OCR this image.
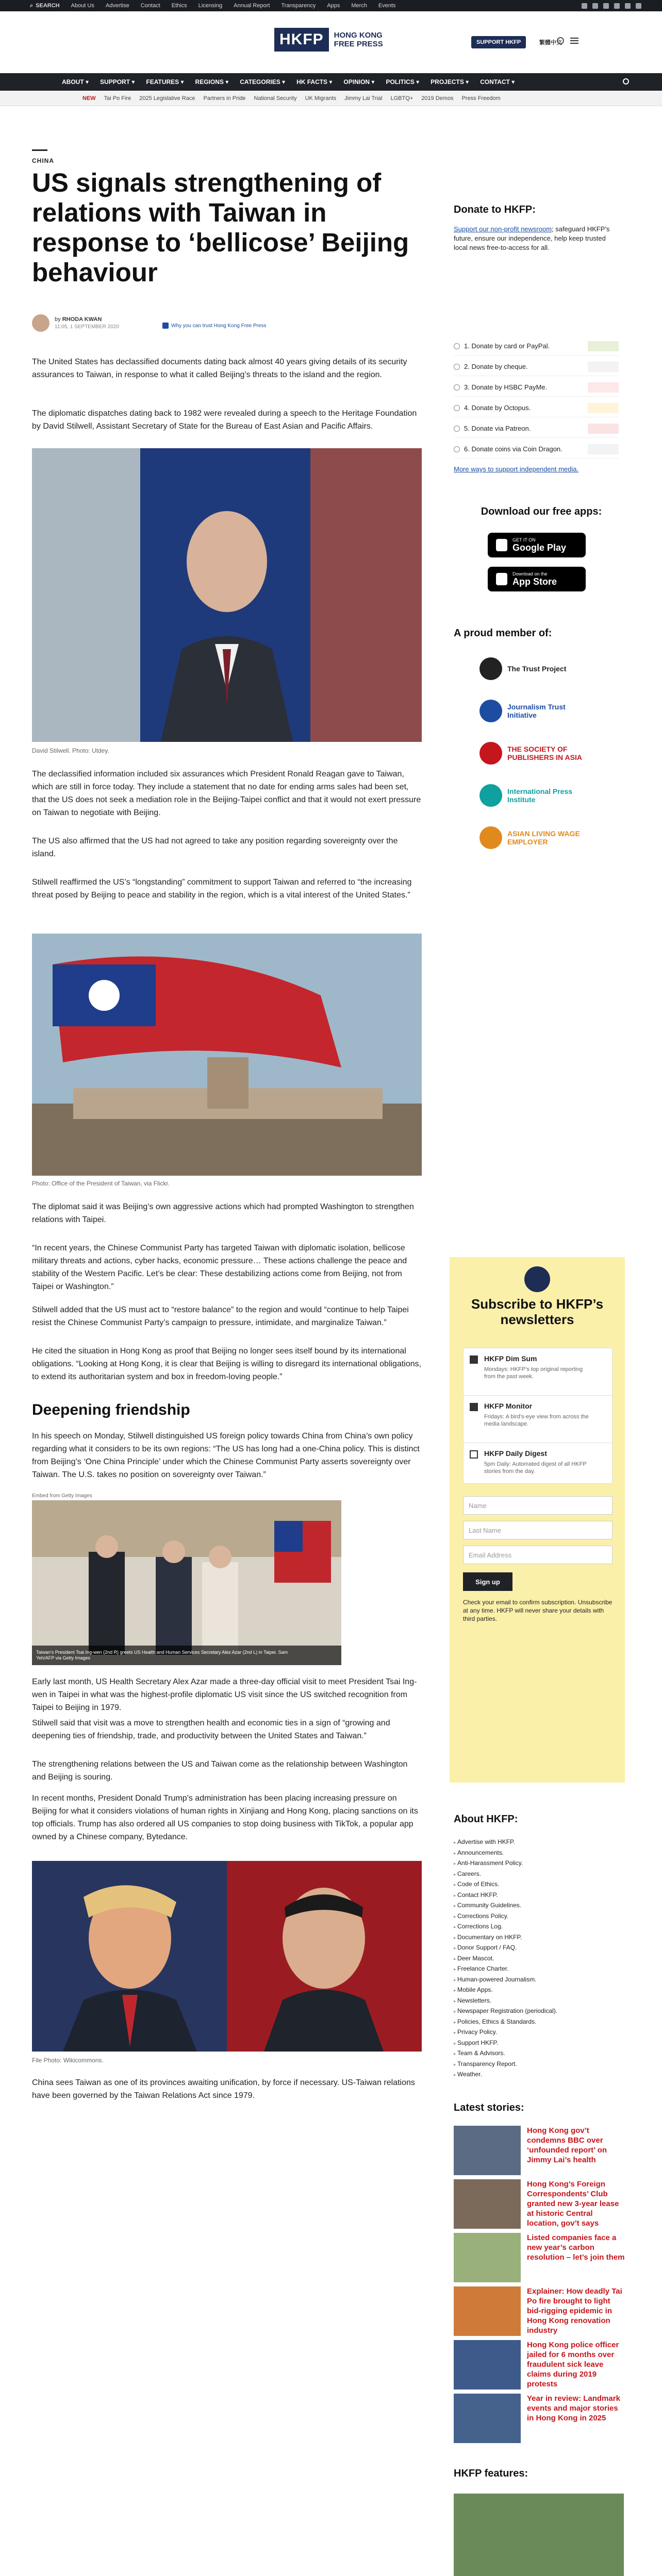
⌕ SEARCH About Us Advertise Contact Ethics Licensing Annual Report Transparency Apps Merch Events
HKFP	HONG KONG
FREE PRESS	SUPPORT HKFP	繁體中文
ABOUT ▾ SUPPORT ▾ FEATURES ▾ REGIONS ▾ CATEGORIES ▾ HK FACTS ▾ OPINION ▾ POLITICS ▾ PROJECTS ▾ CONTACT ▾
NEW Tai Po Fire 2025 Legislative Race Partners in Pride National Security UK Migrants Jimmy Lai Trial LGBTQ+ 2019 Demos Press Freedom
CHINA
US signals strengthening of relations with Taiwan in response to ‘bellicose’ Beijing behaviour
by RHODA KWAN
11:05, 1 SEPTEMBER 2020	Why you can trust Hong Kong Free Press
The United States has declassified documents dating back almost 40 years giving details of its security assurances to Taiwan, in response to what it called Beijing’s threats to the island and the region.
The diplomatic dispatches dating back to 1982 were revealed during a speech to the Heritage Foundation by David Stilwell, Assistant Secretary of State for the Bureau of East Asian and Pacific Affairs.
David Stilwell. Photo: Utdey.
The declassified information included six assurances which President Ronald Reagan gave to Taiwan, which are still in force today. They include a statement that no date for ending arms sales had been set, that the US does not seek a mediation role in the Beijing-Taipei conflict and that it would not exert pressure on Taiwan to negotiate with Beijing.
The US also affirmed that the US had not agreed to take any position regarding sovereignty over the island.
Stilwell reaffirmed the US’s “longstanding” commitment to support Taiwan and referred to “the increasing threat posed by Beijing to peace and stability in the region, which is a vital interest of the United States.”
Photo: Office of the President of Taiwan, via Flickr.
The diplomat said it was Beijing’s own aggressive actions which had prompted Washington to strengthen relations with Taipei.
“In recent years, the Chinese Communist Party has targeted Taiwan with diplomatic isolation, bellicose military threats and actions, cyber hacks, economic pressure… These actions challenge the peace and stability of the Western Pacific. Let’s be clear: These destabilizing actions come from Beijing, not from Taipei or Washington.”
Stilwell added that the US must act to “restore balance” to the region and would “continue to help Taipei resist the Chinese Communist Party’s campaign to pressure, intimidate, and marginalize Taiwan.”
He cited the situation in Hong Kong as proof that Beijing no longer sees itself bound by its international obligations. “Looking at Hong Kong, it is clear that Beijing is willing to disregard its international obligations, to extend its authoritarian system and box in freedom-loving people.”
Deepening friendship
In his speech on Monday, Stilwell distinguished US foreign policy towards China from China’s own policy regarding what it considers to be its own regions: “The US has long had a one-China policy. This is distinct from Beijing’s ‘One China Principle’ under which the Chinese Communist Party asserts sovereignty over Taiwan. The U.S. takes no position on sovereignty over Taiwan.”
Embed from Getty Images
Taiwan's President Tsai Ing-wen (2nd R) greets US Health and Human Services Secretary Alex Azar (2nd L) in Taipei. Sam Yeh/AFP via Getty Images
Early last month, US Health Secretary Alex Azar made a three-day official visit to meet President Tsai Ing-wen in Taipei in what was the highest-profile diplomatic US visit since the US switched recognition from Taipei to Beijing in 1979.
Stilwell said that visit was a move to strengthen health and economic ties in a sign of “growing and deepening ties of friendship, trade, and productivity between the United States and Taiwan.”
The strengthening relations between the US and Taiwan come as the relationship between Washington and Beijing is souring.
In recent months, President Donald Trump’s administration has been placing increasing pressure on Beijing for what it considers violations of human rights in Xinjiang and Hong Kong, placing sanctions on its top officials. Trump has also ordered all US companies to stop doing business with TikTok, a popular app owned by a Chinese company, Bytedance.
File Photo: Wikicommons.
China sees Taiwan as one of its provinces awaiting unification, by force if necessary. US-Taiwan relations have been governed by the Taiwan Relations Act since 1979.
Donate to HKFP:
Support our non-profit newsroom; safeguard HKFP’s future, ensure our independence, help keep trusted local news free-to-access for all.
1. Donate by card or PayPal.
2. Donate by cheque.
3. Donate by HSBC PayMe.
4. Donate by Octopus.
5. Donate via Patreon.
6. Donate coins via Coin Dragon.
More ways to support independent media.
Download our free apps:
GET IT ON
Google Play
Download on the
App Store
A proud member of:
The Trust Project
Journalism Trust Initiative
THE SOCIETY OF PUBLISHERS IN ASIA
International Press Institute
ASIAN LIVING WAGE EMPLOYER
Subscribe to HKFP’s newsletters
HKFP Dim Sum
Mondays: HKFP’s top original reporting from the past week.
HKFP Monitor
Fridays: A bird’s-eye view from across the media landscape.
HKFP Daily Digest
5pm Daily: Automated digest of all HKFP stories from the day.
Name
Last Name
Email Address
Sign up
Check your email to confirm subscription. Unsubscribe at any time. HKFP will never share your details with third parties.
About HKFP:
▸ Advertise with HKFP.
▸ Announcements.
▸ Anti-Harassment Policy.
▸ Careers.
▸ Code of Ethics.
▸ Contact HKFP.
▸ Community Guidelines.
▸ Corrections Policy.
▸ Corrections Log.
▸ Documentary on HKFP.
▸ Donor Support / FAQ.
▸ Deer Mascot.
▸ Freelance Charter.
▸ Human-powered Journalism.
▸ Mobile Apps.
▸ Newsletters.
▸ Newspaper Registration (periodical).
▸ Policies, Ethics & Standards.
▸ Privacy Policy.
▸ Support HKFP.
▸ Team & Advisors.
▸ Transparency Report.
▸ Weather.
Latest stories:
Hong Kong gov’t condemns BBC over ‘unfounded report’ on Jimmy Lai’s health
Hong Kong’s Foreign Correspondents’ Club granted new 3-year lease at historic Central location, gov’t says
Listed companies face a new year’s carbon resolution – let’s join them
Explainer: How deadly Tai Po fire brought to light bid-rigging epidemic in Hong Kong renovation industry
Hong Kong police officer jailed for 6 months over fraudulent sick leave claims during 2019 protests
Year in review: Landmark events and major stories in Hong Kong in 2025
HKFP features:
